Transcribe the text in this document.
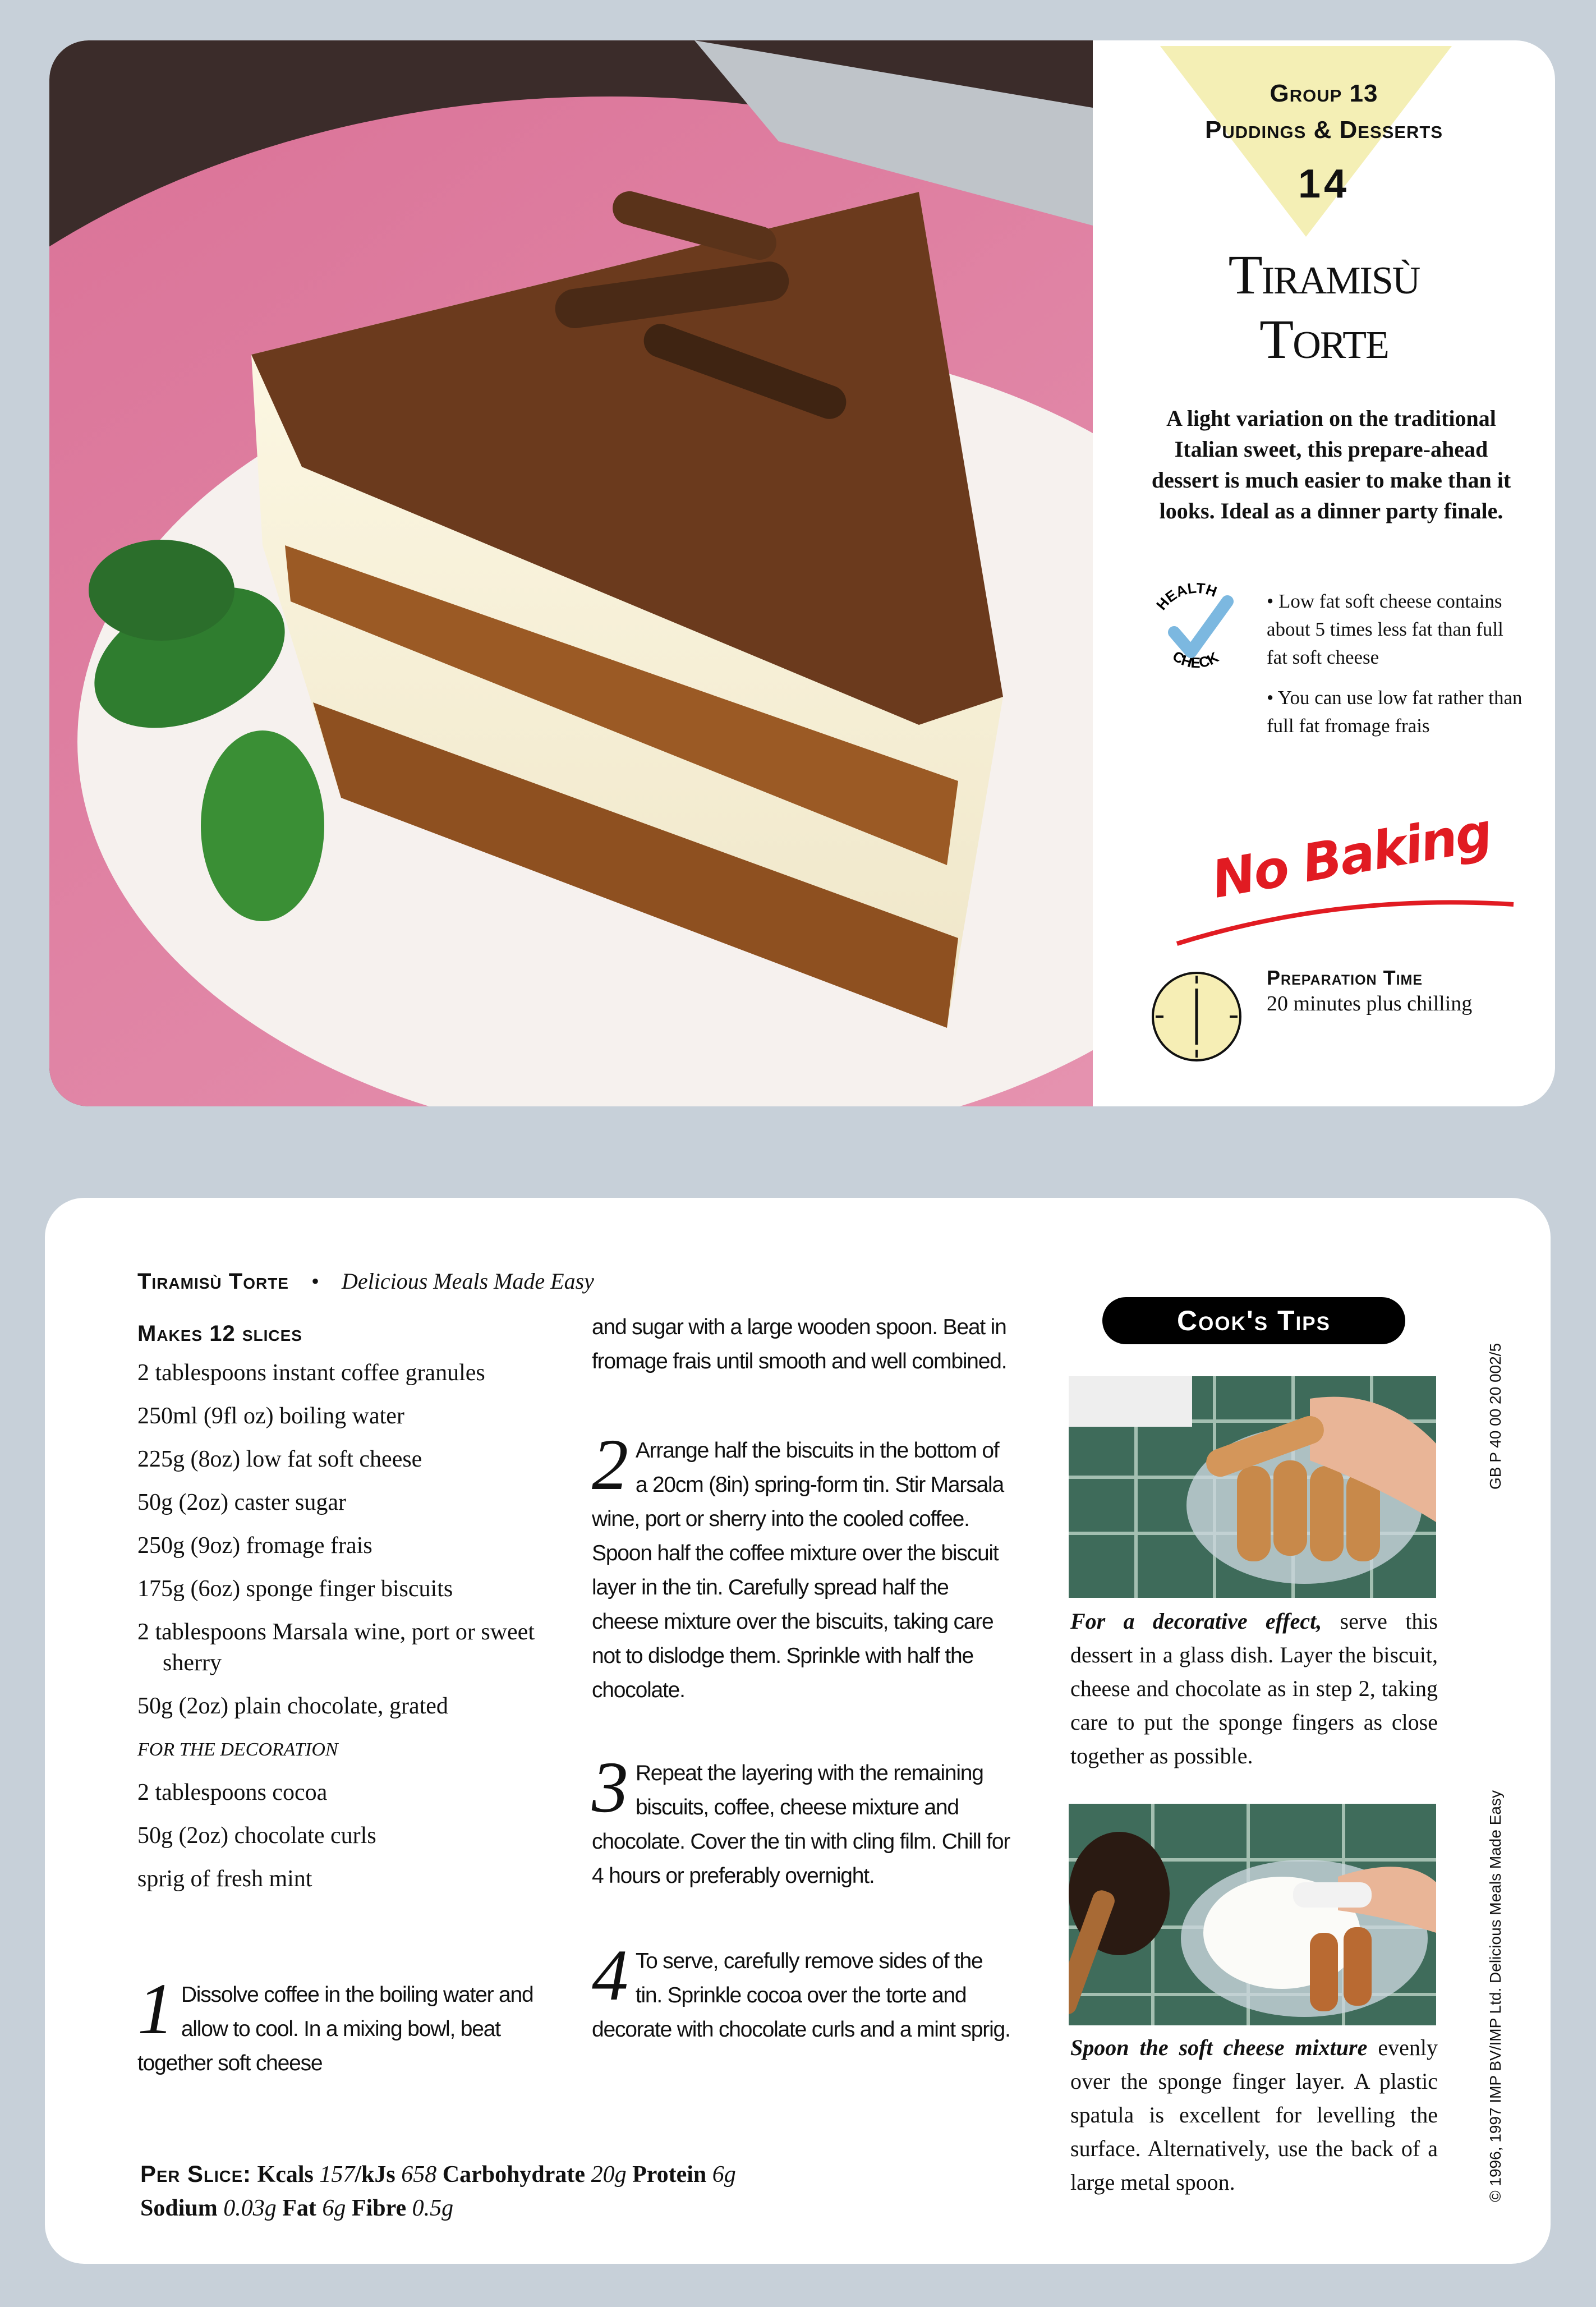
Group 13
Puddings & Desserts
14
Tiramisù
Torte
A light variation on the traditional Italian sweet, this prepare-ahead dessert is much easier to make than it looks. Ideal as a dinner party finale.
HEALTH
CHECK
• Low fat soft cheese contains about 5 times less fat than full fat soft cheese
• You can use low fat rather than full fat fromage frais
No Baking
Preparation Time
20 minutes plus chilling
Tiramisù Torte • Delicious Meals Made Easy
Makes 12 slices
2 tablespoons instant coffee granules
250ml (9fl oz) boiling water
225g (8oz) low fat soft cheese
50g (2oz) caster sugar
250g (9oz) fromage frais
175g (6oz) sponge finger biscuits
2 tablespoons Marsala wine, port or sweet sherry
50g (2oz) plain chocolate, grated
FOR THE DECORATION
2 tablespoons cocoa
50g (2oz) chocolate curls
sprig of fresh mint
1 Dissolve coffee in the boiling water and allow to cool. In a mixing bowl, beat together soft cheese
and sugar with a large wooden spoon. Beat in fromage frais until smooth and well combined.
2 Arrange half the biscuits in the bottom of a 20cm (8in) spring-form tin. Stir Marsala wine, port or sherry into the cooled coffee. Spoon half the coffee mixture over the biscuit layer in the tin. Carefully spread half the cheese mixture over the biscuits, taking care not to dislodge them. Sprinkle with half the chocolate.
3 Repeat the layering with the remaining biscuits, coffee, cheese mixture and chocolate. Cover the tin with cling film. Chill for 4 hours or preferably overnight.
4 To serve, carefully remove sides of the tin. Sprinkle cocoa over the torte and decorate with chocolate curls and a mint sprig.
Cook's Tips
For a decorative effect, serve this dessert in a glass dish. Layer the biscuit, cheese and chocolate as in step 2, taking care to put the sponge fingers as close together as possible.
Spoon the soft cheese mixture evenly over the sponge finger layer. A plastic spatula is excellent for levelling the surface. Alternatively, use the back of a large metal spoon.
Per Slice: Kcals 157/kJs 658 Carbohydrate 20g Protein 6g
Sodium 0.03g Fat 6g Fibre 0.5g
GB P 40 00 20 002/5
© 1996, 1997 IMP BV/IMP Ltd. Delicious Meals Made Easy
